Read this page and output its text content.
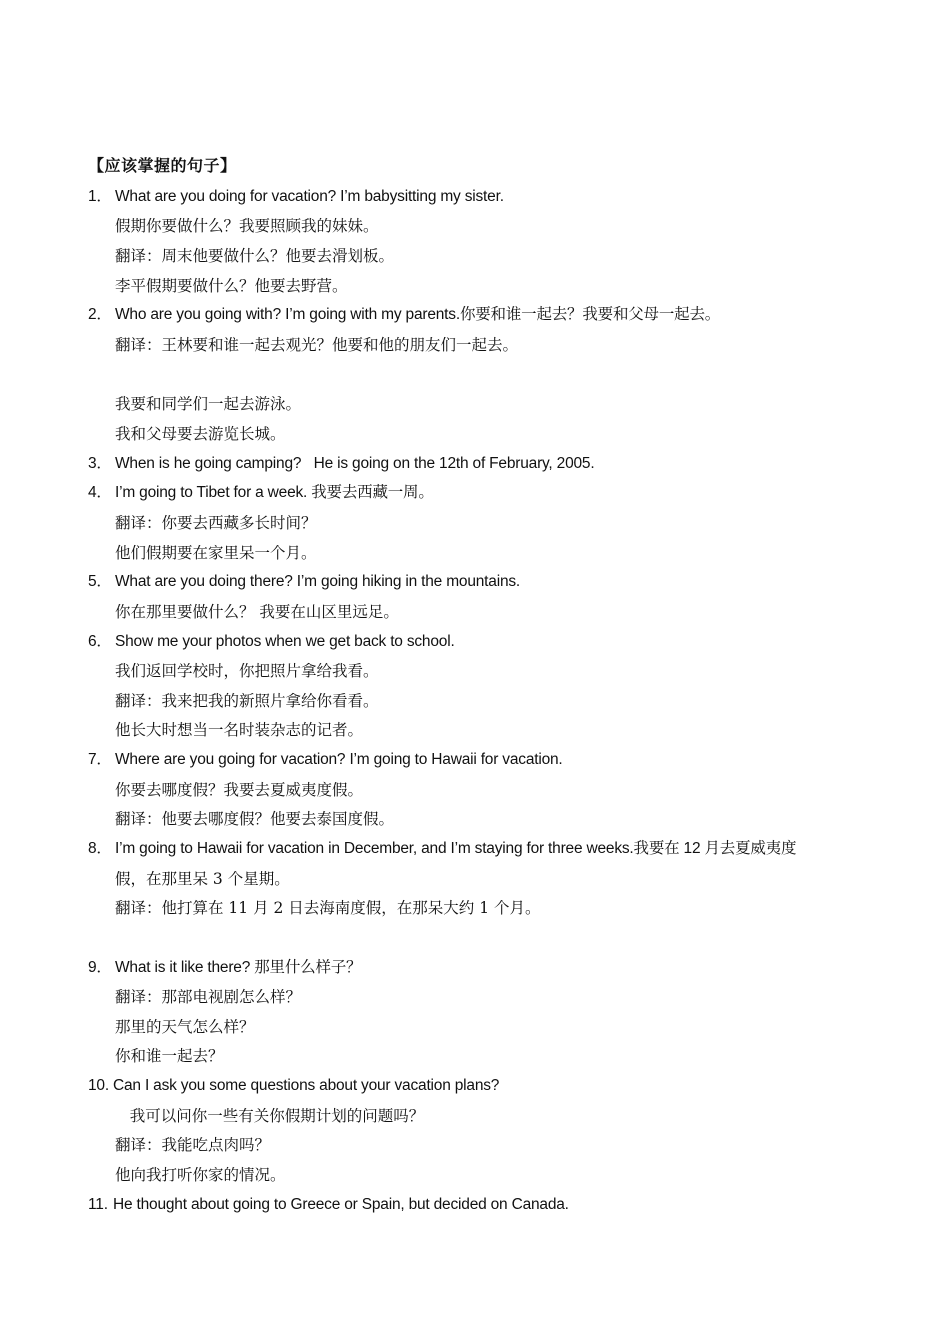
【应该掌握的句子】
1． What are you doing for vacation? I’m babysitting my sister.
假期你要做什么？我要照顾我的妹妹。
翻译：周末他要做什么？他要去滑划板。
李平假期要做什么？他要去野营。
2． Who are you going with? I’m going with my parents.你要和谁一起去？我要和父母一起去。
翻译：王林要和谁一起去观光？他要和他的朋友们一起去。
我要和同学们一起去游泳。
我和父母要去游览长城。
3． When is he going camping?   He is going on the 12th of February, 2005.
4． I’m going to Tibet for a week. 我要去西藏一周。
翻译：你要去西藏多长时间？
他们假期要在家里呆一个月。
5． What are you doing there? I’m going hiking in the mountains.
你在那里要做什么？ 我要在山区里远足。
6． Show me your photos when we get back to school.
我们返回学校时，你把照片拿给我看。
翻译：我来把我的新照片拿给你看看。
他长大时想当一名时装杂志的记者。
7． Where are you going for vacation? I’m going to Hawaii for vacation.
你要去哪度假？我要去夏威夷度假。
翻译：他要去哪度假？他要去泰国度假。
8． I’m going to Hawaii for vacation in December, and I’m staying for three weeks.我要在 12 月去夏威夷度
假，在那里呆 3 个星期。
翻译：他打算在 11 月 2 日去海南度假，在那呆大约 1 个月。
9． What is it like there? 那里什么样子？
翻译：那部电视剧怎么样？
那里的天气怎么样？
你和谁一起去？
10. Can I ask you some questions about your vacation plans?
我可以问你一些有关你假期计划的问题吗？
翻译：我能吃点肉吗？
他向我打听你家的情况。
11. He thought about going to Greece or Spain, but decided on Canada.
